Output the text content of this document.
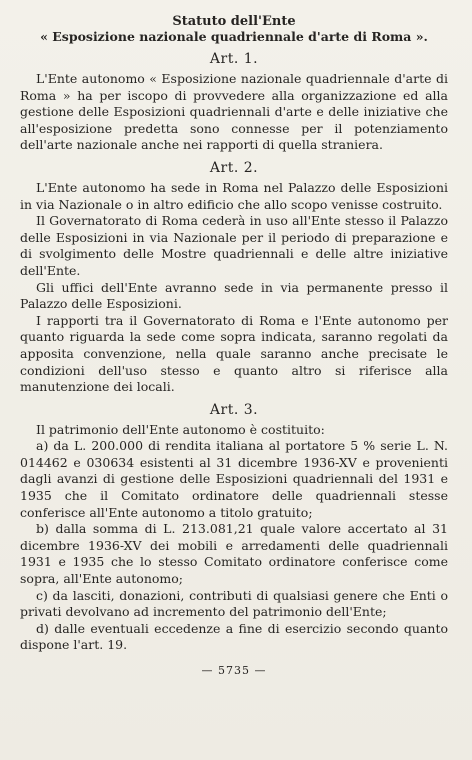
Statuto dell'Ente
« Esposizione nazionale quadriennale d'arte di Roma ».
Art. 1.

L'Ente autonomo « Esposizione nazionale quadriennale d'arte di Roma » ha per iscopo di provvedere alla organizzazione ed alla gestione delle Esposizioni quadriennali d'arte e delle iniziative che all'esposizione predetta sono connesse per il potenziamento dell'arte nazionale anche nei rapporti di quella straniera.

Art. 2.

L'Ente autonomo ha sede in Roma nel Palazzo delle Esposizioni in via Nazionale o in altro edificio che allo scopo venisse costruito.

Il Governatorato di Roma cederà in uso all'Ente stesso il Palazzo delle Esposizioni in via Nazionale per il periodo di preparazione e di svolgimento delle Mostre quadriennali e delle altre iniziative dell'Ente.

Gli uffici dell'Ente avranno sede in via permanente presso il Palazzo delle Esposizioni.

I rapporti tra il Governatorato di Roma e l'Ente autonomo per quanto riguarda la sede come sopra indicata, saranno regolati da apposita convenzione, nella quale saranno anche precisate le condizioni dell'uso stesso e quanto altro si riferisce alla manutenzione dei locali.

Art. 3.

Il patrimonio dell'Ente autonomo è costituito:

a) da L. 200.000 di rendita italiana al portatore 5 % serie L. N. 014462 e 030634 esistenti al 31 dicembre 1936-XV e provenienti dagli avanzi di gestione delle Esposizioni quadriennali del 1931 e 1935 che il Comitato ordinatore delle quadriennali stesse conferisce all'Ente autonomo a titolo gratuito;

b) dalla somma di L. 213.081,21 quale valore accertato al 31 dicembre 1936-XV dei mobili e arredamenti delle quadriennali 1931 e 1935 che lo stesso Comitato ordinatore conferisce come sopra, all'Ente autonomo;

c) da lasciti, donazioni, contributi di qualsiasi genere che Enti o privati devolvano ad incremento del patrimonio dell'Ente;

d) dalle eventuali eccedenze a fine di esercizio secondo quanto dispone l'art. 19.

— 5735 —
